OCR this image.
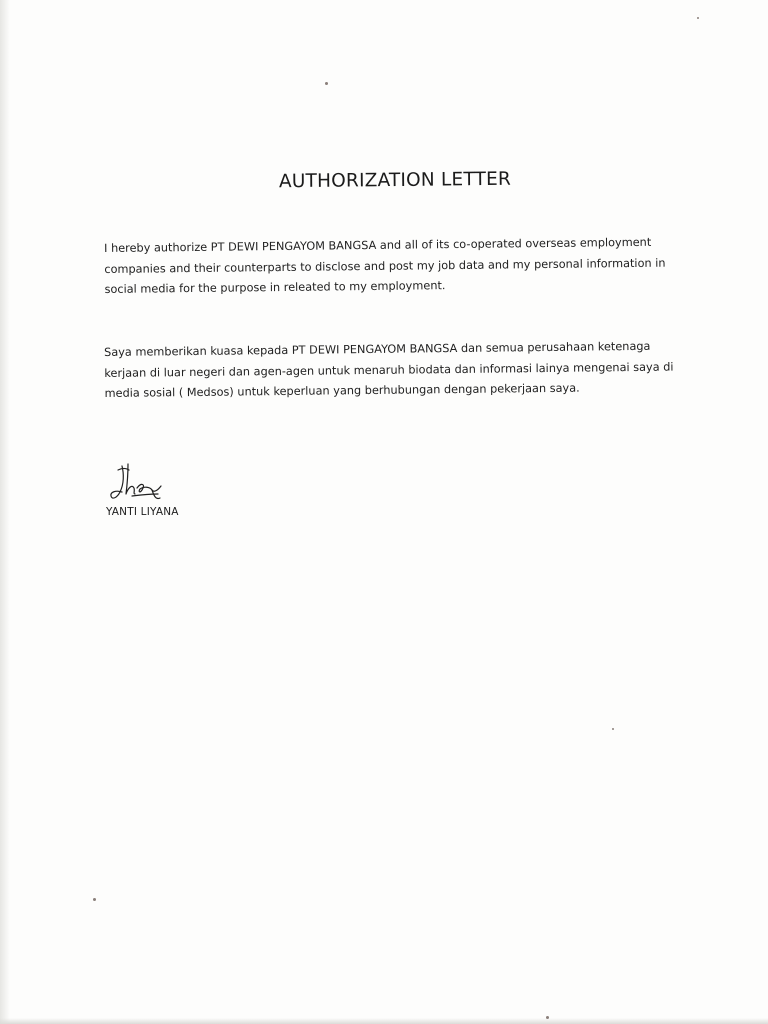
AUTHORIZATION LETTER

I hereby authorize PT DEWI PENGAYOM BANGSA and all of its co-operated overseas employment

companies and their counterparts to disclose and post my job data and my personal information in

social media for the purpose in releated to my employment.

Saya memberikan kuasa kepada PT DEWI PENGAYOM BANGSA dan semua perusahaan ketenaga

kerjaan di luar negeri dan agen-agen untuk menaruh biodata dan informasi lainya mengenai saya di

media sosial ( Medsos) untuk keperluan yang berhubungan dengan pekerjaan saya.

YANTI LIYANA
